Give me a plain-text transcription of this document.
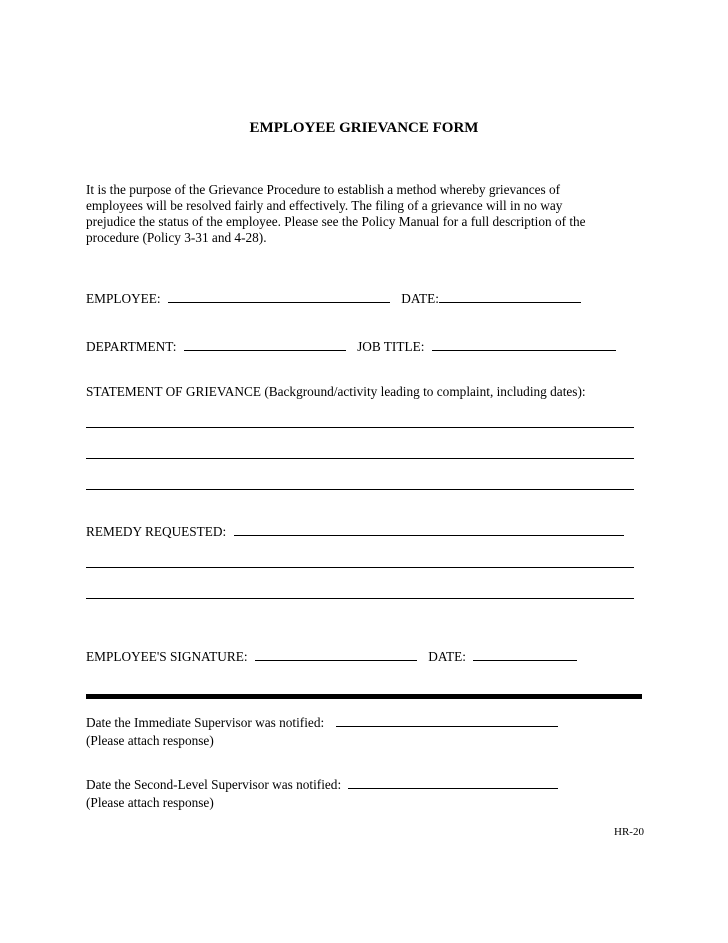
EMPLOYEE GRIEVANCE FORM
It is the purpose of the Grievance Procedure to establish a method whereby grievances of
employees will be resolved fairly and effectively. The filing of a grievance will in no way
prejudice the status of the employee. Please see the Policy Manual for a full description of the
procedure (Policy 3-31 and 4-28).
EMPLOYEE:	DATE:
DEPARTMENT:	JOB TITLE:
STATEMENT OF GRIEVANCE (Background/activity leading to complaint, including dates):
REMEDY REQUESTED:
EMPLOYEE'S SIGNATURE:	DATE:
Date the Immediate Supervisor was notified:
(Please attach response)
Date the Second-Level Supervisor was notified:
(Please attach response)
HR-20
